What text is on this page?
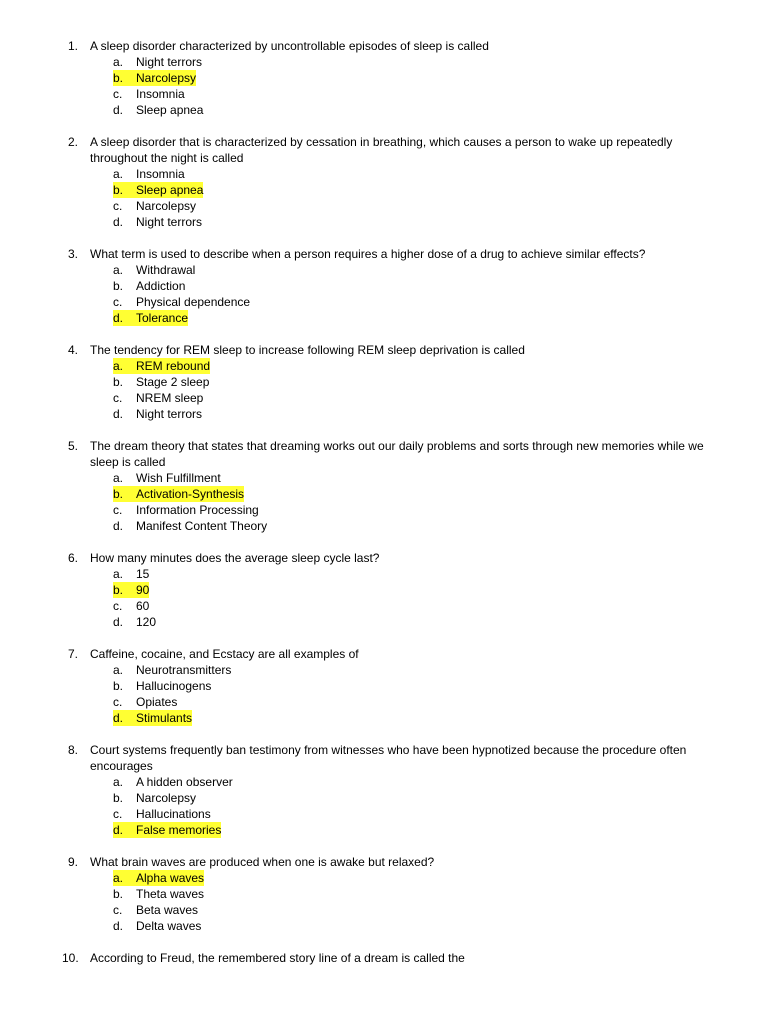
1. A sleep disorder characterized by uncontrollable episodes of sleep is called
a.	Night terrors
b.	Narcolepsy
c.	Insomnia
d.	Sleep apnea
2. A sleep disorder that is characterized by cessation in breathing, which causes a person to wake up repeatedly throughout the night is called
a.	Insomnia
b.	Sleep apnea
c.	Narcolepsy
d.	Night terrors
3. What term is used to describe when a person requires a higher dose of a drug to achieve similar effects?
a.	Withdrawal
b.	Addiction
c.	Physical dependence
d.	Tolerance
4. The tendency for REM sleep to increase following REM sleep deprivation is called
a.	REM rebound
b.	Stage 2 sleep
c.	NREM sleep
d.	Night terrors
5. The dream theory that states that dreaming works out our daily problems and sorts through new memories while we sleep is called
a.	Wish Fulfillment
b.	Activation-Synthesis
c.	Information Processing
d.	Manifest Content Theory
6. How many minutes does the average sleep cycle last?
a.	15
b.	90
c.	60
d.	120
7. Caffeine, cocaine, and Ecstacy are all examples of
a.	Neurotransmitters
b.	Hallucinogens
c.	Opiates
d.	Stimulants
8. Court systems frequently ban testimony from witnesses who have been hypnotized because the procedure often encourages
a.	A hidden observer
b.	Narcolepsy
c.	Hallucinations
d.	False memories
9. What brain waves are produced when one is awake but relaxed?
a.	Alpha waves
b.	Theta waves
c.	Beta waves
d.	Delta waves
10. According to Freud, the remembered story line of a dream is called the
